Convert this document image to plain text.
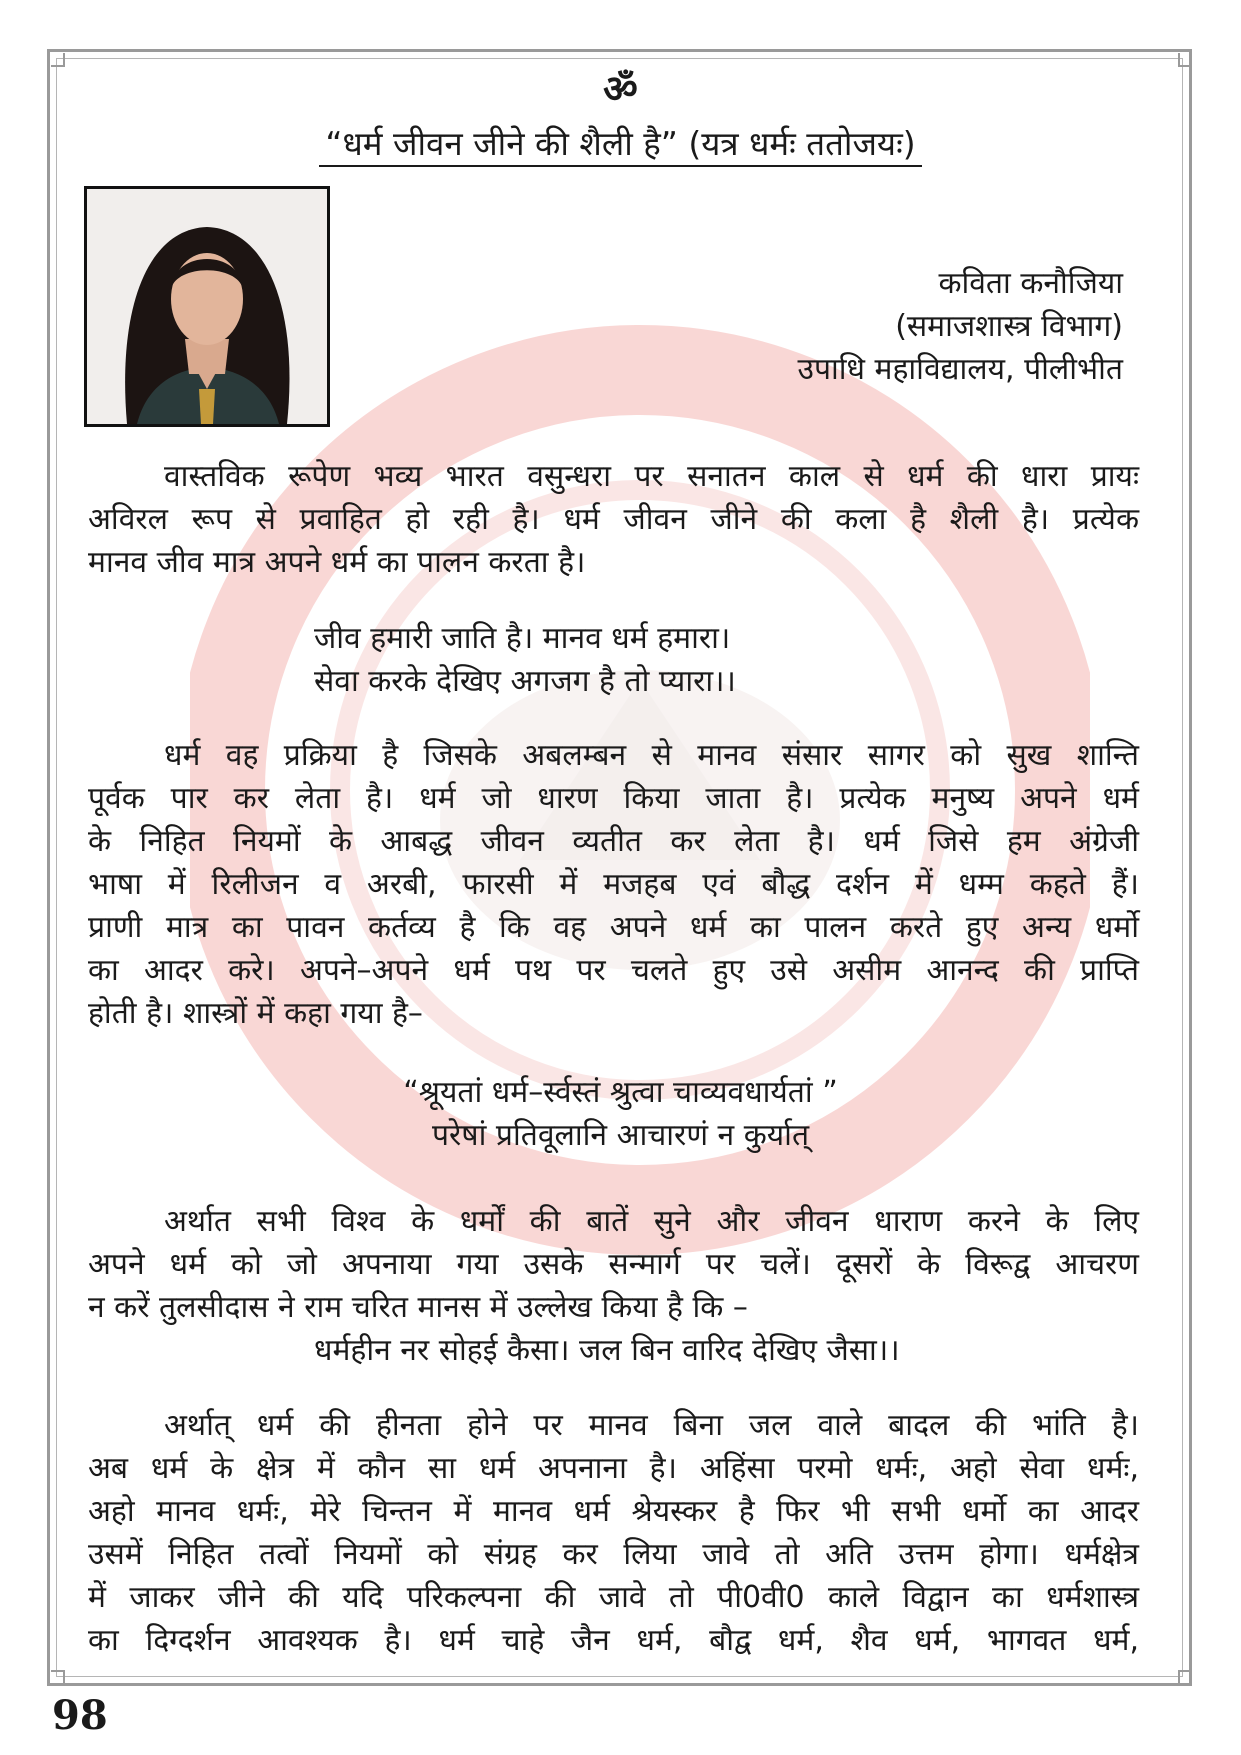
ॐ
“धर्म जीवन जीने की शैली है” (यत्र धर्मः ततोजयः)
कविता कनौजिया
(समाजशास्त्र विभाग)
उपाधि महाविद्यालय, पीलीभीत
वास्तविक रूपेण भव्य भारत वसुन्धरा पर सनातन काल से धर्म की धारा प्रायः
अविरल रूप से प्रवाहित हो रही है। धर्म जीवन जीने की कला है शैली है। प्रत्येक
मानव जीव मात्र अपने धर्म का पालन करता है।
जीव हमारी जाति है। मानव धर्म हमारा।
सेवा करके देखिए अगजग है तो प्यारा।।
धर्म वह प्रक्रिया है जिसके अबलम्बन से मानव संसार सागर को सुख शान्ति
पूर्वक पार कर लेता है। धर्म जो धारण किया जाता है। प्रत्येक मनुष्य अपने धर्म
के निहित नियमों के आबद्ध जीवन व्यतीत कर लेता है। धर्म जिसे हम अंग्रेजी
भाषा में रिलीजन व अरबी, फारसी में मजहब एवं बौद्ध दर्शन में धम्म कहते हैं।
प्राणी मात्र का पावन कर्तव्य है कि वह अपने धर्म का पालन करते हुए अन्य धर्मो
का आदर करे। अपने–अपने धर्म पथ पर चलते हुए उसे असीम आनन्द की प्राप्ति
होती है। शास्त्रों में कहा गया है–
“श्रूयतां धर्म–र्स्वस्तं श्रुत्वा चाव्यवधार्यतां ”
परेषां प्रतिवूलानि आचारणं न कुर्यात्
अर्थात सभी विश्व के धर्मों की बातें सुने और जीवन धाराण करने के लिए
अपने धर्म को जो अपनाया गया उसके सन्मार्ग पर चलें। दूसरों के विरूद्व आचरण
न करें तुलसीदास ने राम चरित मानस में उल्लेख किया है कि –
धर्महीन नर सोहई कैसा। जल बिन वारिद देखिए जैसा।।
अर्थात् धर्म की हीनता होने पर मानव बिना जल वाले बादल की भांति है।
अब धर्म के क्षेत्र में कौन सा धर्म अपनाना है। अहिंसा परमो धर्मः, अहो सेवा धर्मः,
अहो मानव धर्मः, मेरे चिन्तन में मानव धर्म श्रेयस्कर है फिर भी सभी धर्मो का आदर
उसमें निहित तत्वों नियमों को संग्रह कर लिया जावे तो अति उत्तम होगा। धर्मक्षेत्र
में जाकर जीने की यदि परिकल्पना की जावे तो पी0वी0 काले विद्वान का धर्मशास्त्र
का दिग्दर्शन आवश्यक है। धर्म चाहे जैन धर्म, बौद्व धर्म, शैव धर्म, भागवत धर्म,
98
